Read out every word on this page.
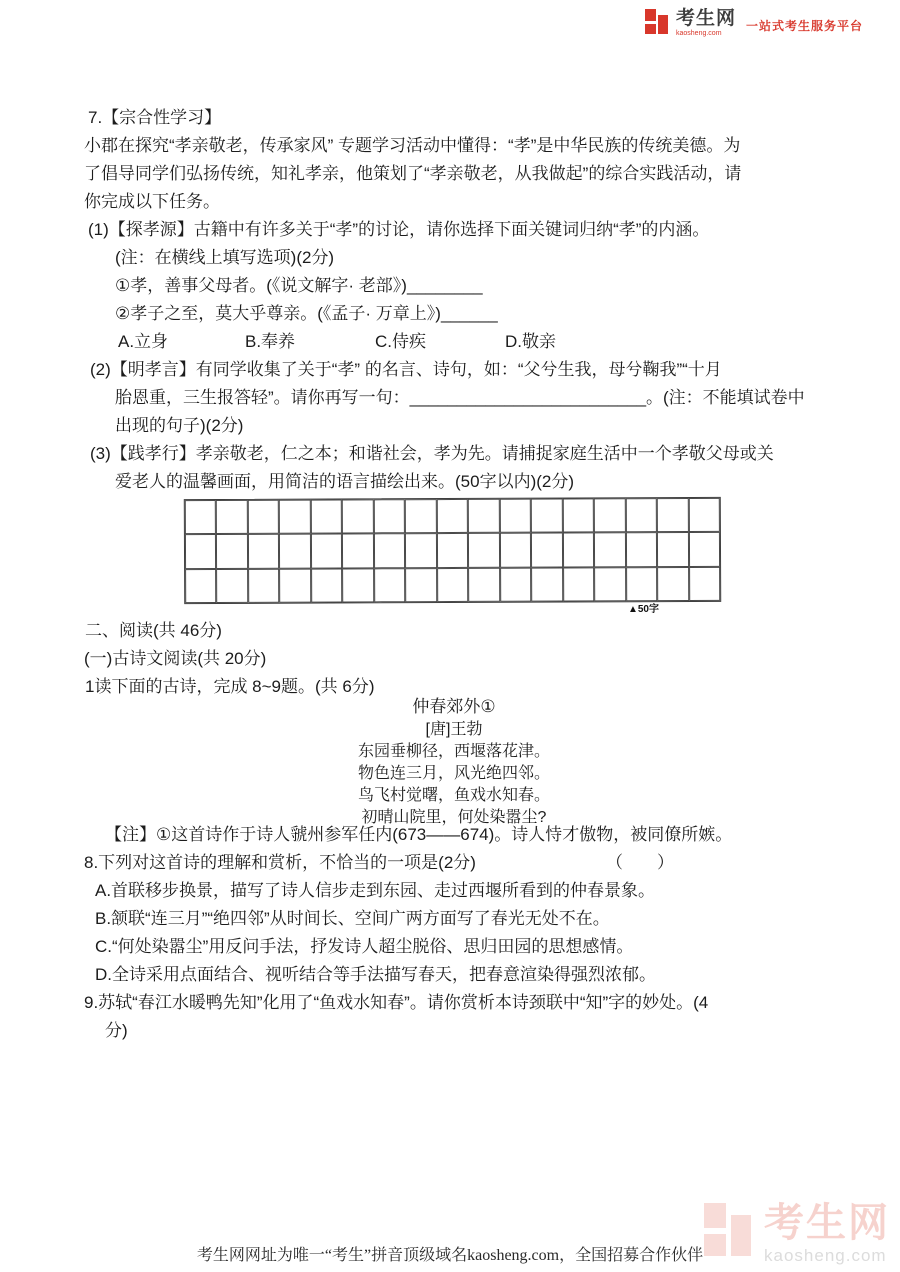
考生网
kaosheng.com
一站式考生服务平台
7.【宗合性学习】
小郡在探究“孝亲敬老，传承家风” 专题学习活动中懂得：“孝”是中华民族的传统美德。为
了倡导同学们弘扬传统，知礼孝亲，他策划了“孝亲敬老，从我做起”的综合实践活动，请
你完成以下任务。
(1)【探孝源】古籍中有许多关于“孝”的讨论，请你选择下面关键词归纳“孝”的内涵。
(注：在横线上填写选项)(2分)
①孝，善事父母者。(《说文解字· 老部》)________
②孝子之至，莫大乎尊亲。(《孟子· 万章上》)______
A.立身	B.奉养	C.侍疾	D.敬亲
(2)【明孝言】有同学收集了关于“孝” 的名言、诗句，如：“父兮生我，母兮鞠我”“十月
胎恩重，三生报答轻”。请你再写一句：_________________________。(注：不能填试卷中
出现的句子)(2分)
(3)【践孝行】孝亲敬老，仁之本；和谐社会，孝为先。请捕捉家庭生活中一个孝敬父母或关
爱老人的温馨画面，用简洁的语言描绘出来。(50字以内)(2分)
▲50字
二、阅读(共 46分)
(一)古诗文阅读(共 20分)
1读下面的古诗，完成 8~9题。(共 6分)
仲春郊外①
[唐]王勃
东园垂柳径，西堰落花津。
物色连三月，风光绝四邻。
鸟飞村觉曙，鱼戏水知春。
初晴山院里，何处染嚣尘?
【注】①这首诗作于诗人虢州参军任内(673——674)。诗人恃才傲物，被同僚所嫉。
8.下列对这首诗的理解和赏析，不恰当的一项是(2分)	（　　）
A.首联移步换景，描写了诗人信步走到东园、走过西堰所看到的仲春景象。
B.颔联“连三月”“绝四邻”从时间长、空间广两方面写了春光无处不在。
C.“何处染嚣尘”用反问手法，抒发诗人超尘脱俗、思归田园的思想感情。
D.全诗采用点面结合、视听结合等手法描写春天，把春意渲染得强烈浓郁。
9.苏轼“春江水暖鸭先知”化用了“鱼戏水知春”。请你赏析本诗颈联中“知”字的妙处。(4
分)
考生网
kaosheng.com
考生网网址为唯一“考生”拼音顶级域名kaosheng.com，全国招募合作伙伴
